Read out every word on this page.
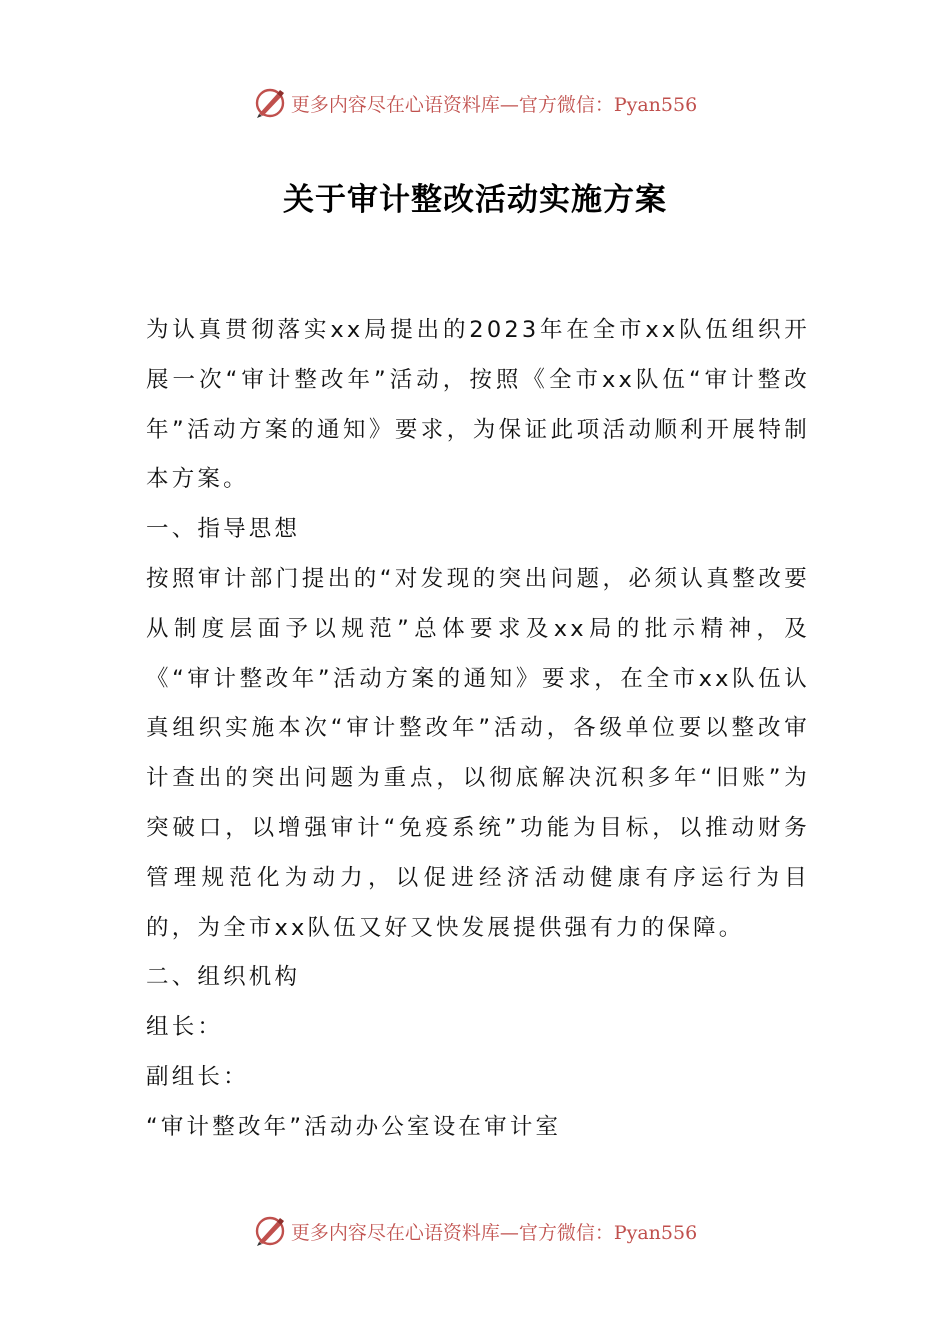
更多内容尽在心语资料库— 官方微信：Pyan556
关于审计整改活动实施方案

为认真贯彻落实xx局提出的2023年在全市xx队伍组织开展一次“审计整改年”活动，按照《全市xx队伍“审计整改年”活动方案的通知》要求，为保证此项活动顺利开展特制本方案。

一、指导思想

按照审计部门提出的“对发现的突出问题，必须认真整改要从制度层面予以规范”总体要求及xx局的批示精神，及《“审计整改年”活动方案的通知》要求，在全市xx队伍认真组织实施本次“审计整改年”活动，各级单位要以整改审计查出的突出问题为重点，以彻底解决沉积多年“旧账”为突破口，以增强审计“免疫系统”功能为目标，以推动财务管理规范化为动力，以促进经济活动健康有序运行为目的，为全市xx队伍又好又快发展提供强有力的保障。

二、组织机构

组长：

副组长：

“审计整改年”活动办公室设在审计室

更多内容尽在心语资料库— 官方微信：Pyan556
